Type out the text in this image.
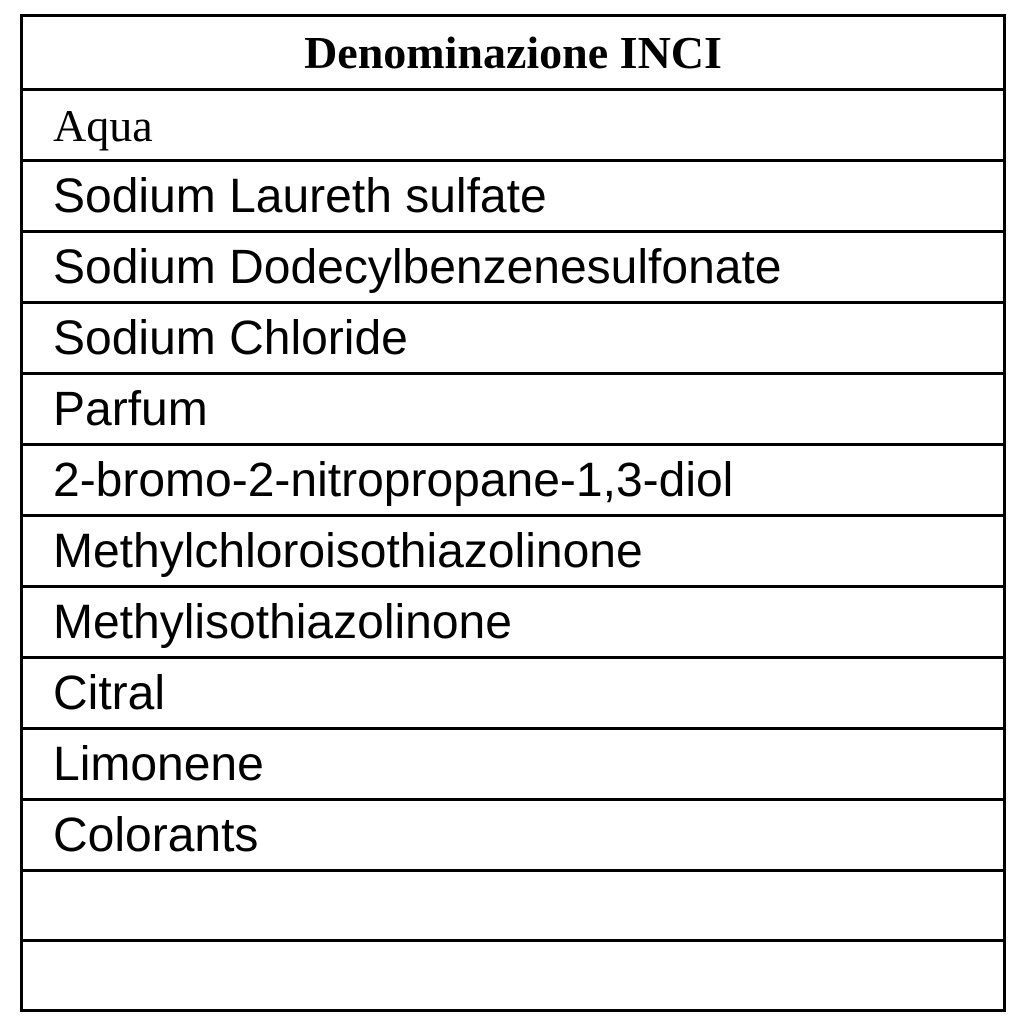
Denominazione INCI
Aqua
Sodium Laureth sulfate
Sodium Dodecylbenzenesulfonate
Sodium Chloride
Parfum
2-bromo-2-nitropropane-1,3-diol
Methylchloroisothiazolinone
Methylisothiazolinone
Citral
Limonene
Colorants
